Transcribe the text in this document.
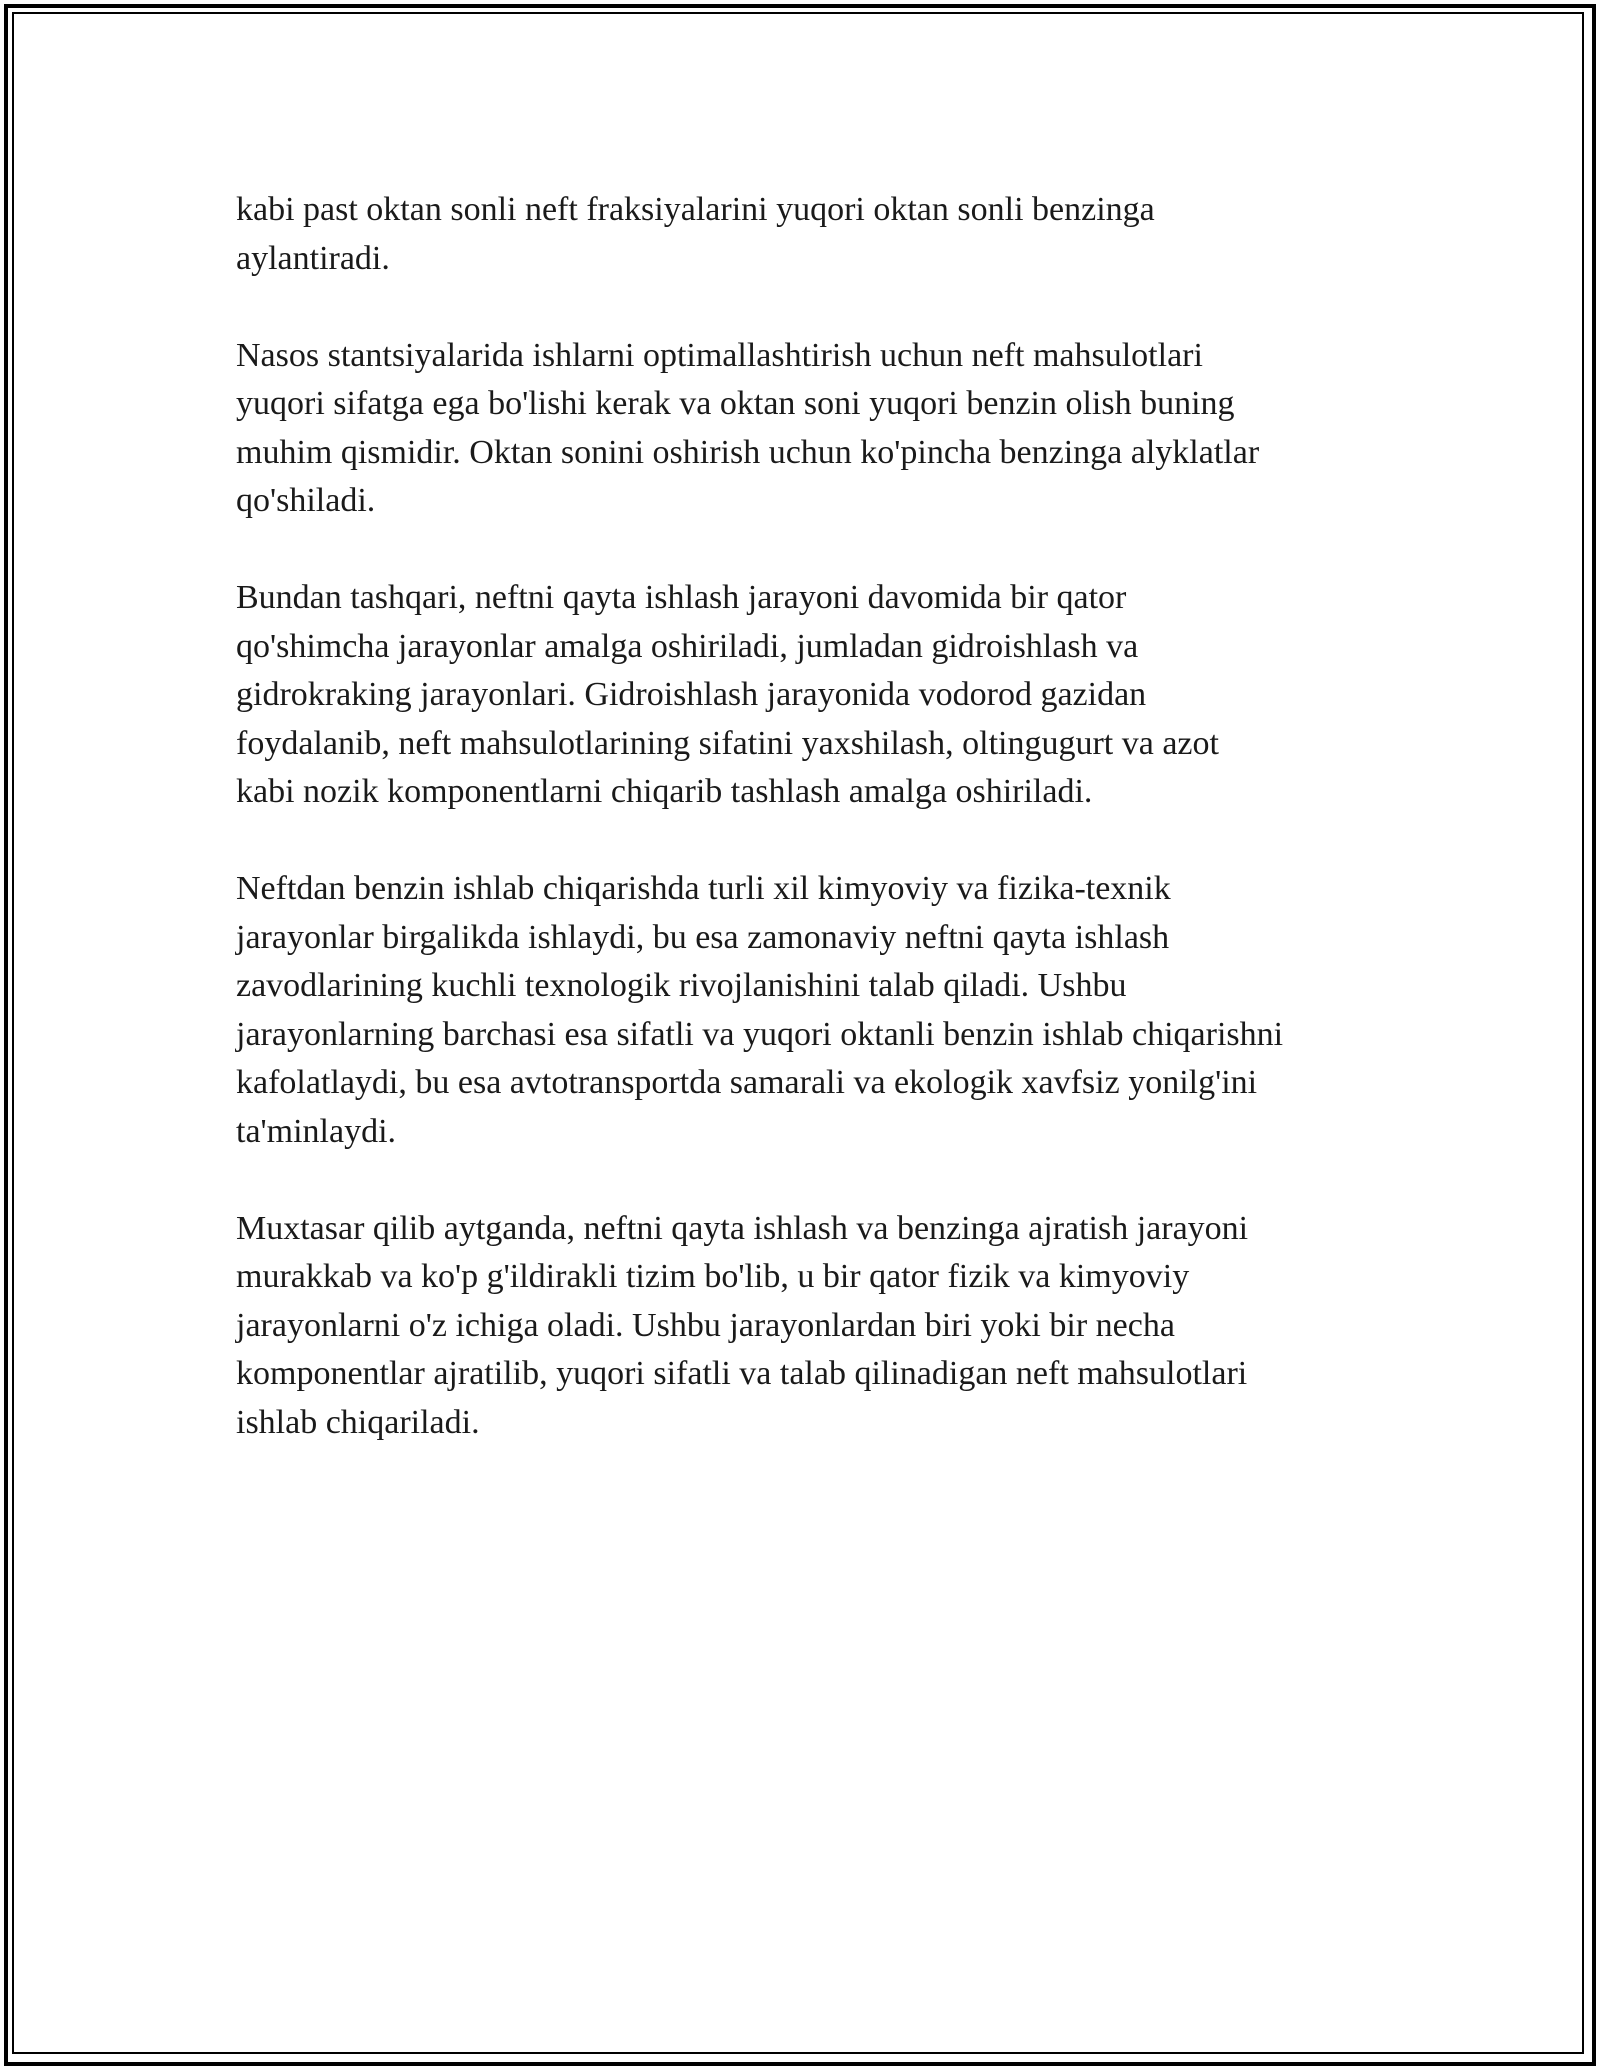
kabi past oktan sonli neft fraksiyalarini yuqori oktan sonli benzinga
aylantiradi.

Nasos stantsiyalarida ishlarni optimallashtirish uchun neft mahsulotlari
yuqori sifatga ega bo'lishi kerak va oktan soni yuqori benzin olish buning
muhim qismidir. Oktan sonini oshirish uchun ko'pincha benzinga alyklatlar
qo'shiladi.

Bundan tashqari, neftni qayta ishlash jarayoni davomida bir qator
qo'shimcha jarayonlar amalga oshiriladi, jumladan gidroishlash va
gidrokraking jarayonlari. Gidroishlash jarayonida vodorod gazidan
foydalanib, neft mahsulotlarining sifatini yaxshilash, oltingugurt va azot
kabi nozik komponentlarni chiqarib tashlash amalga oshiriladi.

Neftdan benzin ishlab chiqarishda turli xil kimyoviy va fizika-texnik
jarayonlar birgalikda ishlaydi, bu esa zamonaviy neftni qayta ishlash
zavodlarining kuchli texnologik rivojlanishini talab qiladi. Ushbu
jarayonlarning barchasi esa sifatli va yuqori oktanli benzin ishlab chiqarishni
kafolatlaydi, bu esa avtotransportda samarali va ekologik xavfsiz yonilg'ini
ta'minlaydi.

Muxtasar qilib aytganda, neftni qayta ishlash va benzinga ajratish jarayoni
murakkab va ko'p g'ildirakli tizim bo'lib, u bir qator fizik va kimyoviy
jarayonlarni o'z ichiga oladi. Ushbu jarayonlardan biri yoki bir necha
komponentlar ajratilib, yuqori sifatli va talab qilinadigan neft mahsulotlari
ishlab chiqariladi.
